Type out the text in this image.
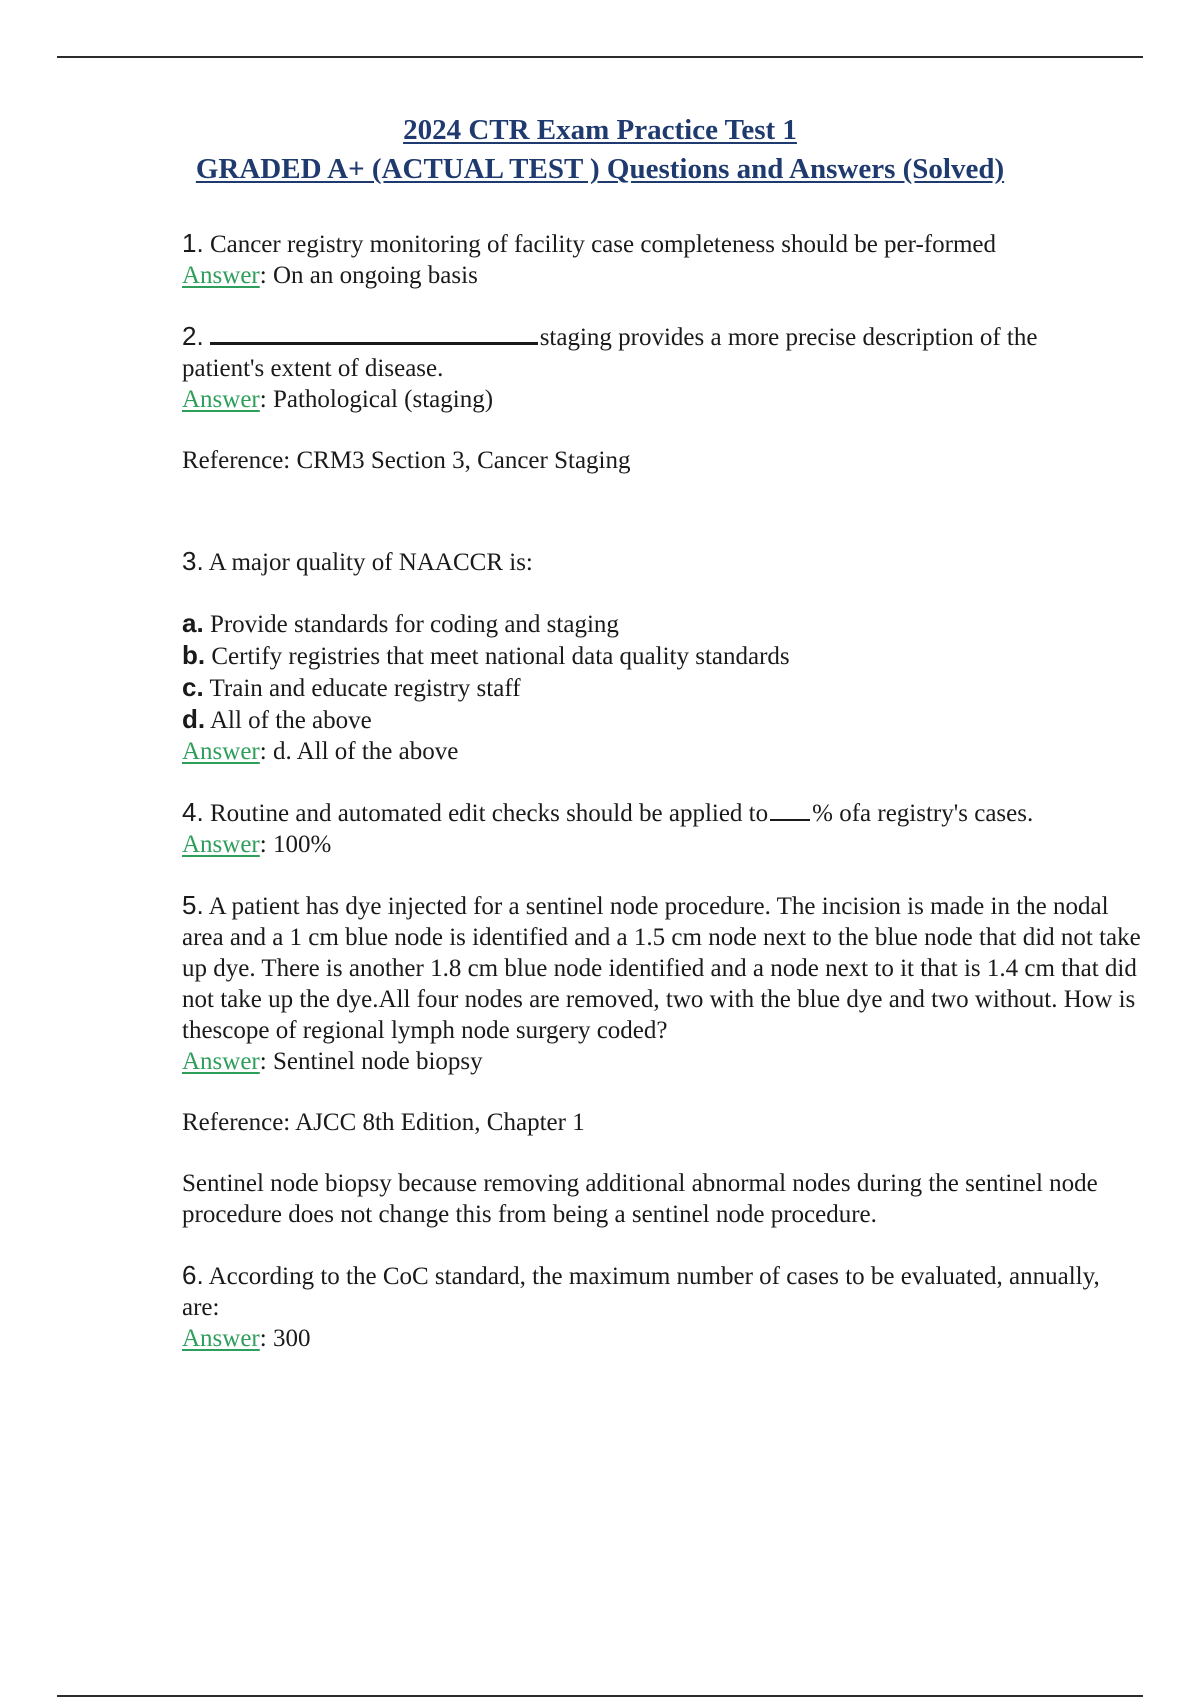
2024 CTR Exam Practice Test 1
GRADED A+ (ACTUAL TEST ) Questions and Answers (Solved)

1. Cancer registry monitoring of facility case completeness should be per-formed

Answer: On an ongoing basis

2.	staging provides a more precise description of the

patient's extent of disease.

Answer: Pathological (staging)

Reference: CRM3 Section 3, Cancer Staging

3. A major quality of NAACCR is:

a. Provide standards for coding and staging

b. Certify registries that meet national data quality standards

c. Train and educate registry staff

d. All of the above

Answer: d. All of the above

4. Routine and automated edit checks should be applied to % ofa registry's cases.

Answer: 100%

5. A patient has dye injected for a sentinel node procedure. The incision is made in the nodal area and a 1 cm blue node is identified and a 1.5 cm node next to the blue node that did not take up dye. There is another 1.8 cm blue node identified and a node next to it that is 1.4 cm that did not take up the dye.All four nodes are removed, two with the blue dye and two without. How is thescope of regional lymph node surgery coded?

Answer: Sentinel node biopsy

Reference: AJCC 8th Edition, Chapter 1

Sentinel node biopsy because removing additional abnormal nodes during the sentinel node procedure does not change this from being a sentinel node procedure.

6. According to the CoC standard, the maximum number of cases to be evaluated, annually, are:

Answer: 300
